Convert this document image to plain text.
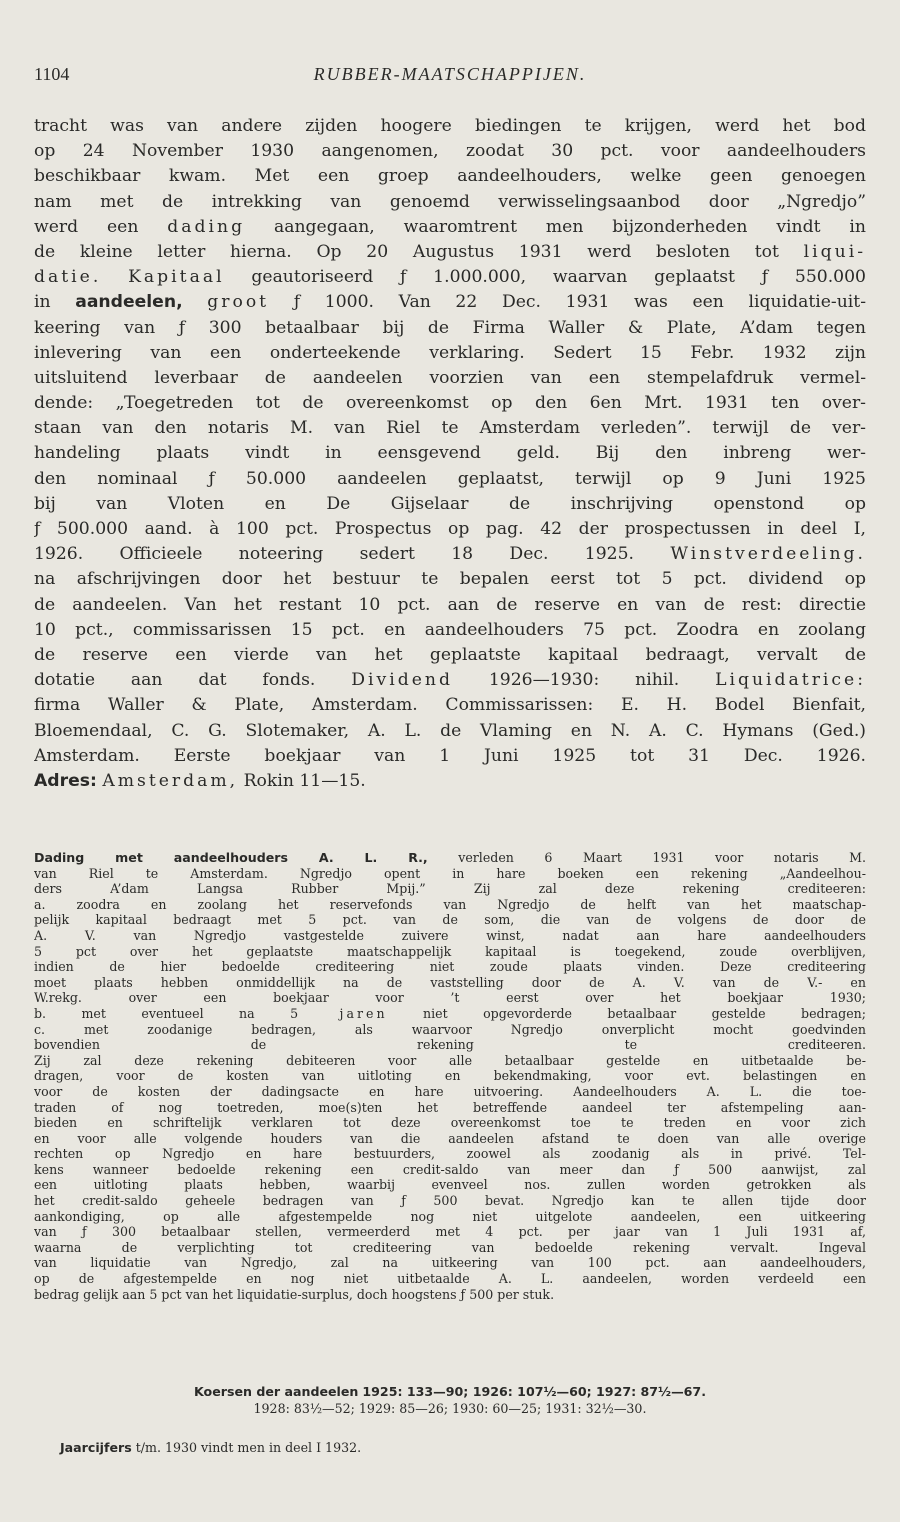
1104	RUBBER-MAATSCHAPPIJEN.
tracht was van andere zijden hoogere biedingen te krijgen, werd het bod
op 24 November 1930 aangenomen, zoodat 30 pct. voor aandeelhouders
beschikbaar kwam. Met een groep aandeelhouders, welke geen genoegen
nam met de intrekking van genoemd verwisselingsaanbod door „Ngredjo”
werd een dading aangegaan, waaromtrent men bijzonderheden vindt in
de kleine letter hierna. Op 20 Augustus 1931 werd besloten tot liqui-
datie. Kapitaal geautoriseerd ƒ 1.000.000, waarvan geplaatst ƒ 550.000
in aandeelen, groot ƒ 1000. Van 22 Dec. 1931 was een liquidatie-uit-
keering van ƒ 300 betaalbaar bij de Firma Waller & Plate, A’dam tegen
inlevering van een onderteekende verklaring. Sedert 15 Febr. 1932 zijn
uitsluitend leverbaar de aandeelen voorzien van een stempelafdruk vermel-
dende: „Toegetreden tot de overeenkomst op den 6en Mrt. 1931 ten over-
staan van den notaris M. van Riel te Amsterdam verleden”. terwijl de ver-
handeling plaats vindt in eensgevend geld. Bij den inbreng wer-
den nominaal ƒ 50.000 aandeelen geplaatst, terwijl op 9 Juni 1925
bij van Vloten en De Gijselaar de inschrijving openstond op
ƒ 500.000 aand. à 100 pct. Prospectus op pag. 42 der prospectussen in deel I,
1926. Officieele noteering sedert 18 Dec. 1925. Winstverdeeling.
na afschrijvingen door het bestuur te bepalen eerst tot 5 pct. dividend op
de aandeelen. Van het restant 10 pct. aan de reserve en van de rest: directie
10 pct., commissarissen 15 pct. en aandeelhouders 75 pct. Zoodra en zoolang
de reserve een vierde van het geplaatste kapitaal bedraagt, vervalt de
dotatie aan dat fonds. Dividend 1926—1930: nihil. Liquidatrice:
firma Waller & Plate, Amsterdam. Commissarissen: E. H. Bodel Bienfait,
Bloemendaal, C. G. Slotemaker, A. L. de Vlaming en N. A. C. Hymans (Ged.)
Amsterdam. Eerste boekjaar van 1 Juni 1925 tot 31 Dec. 1926.
Adres: Amsterdam, Rokin 11—15.
Dading met aandeelhouders A. L. R., verleden 6 Maart 1931 voor notaris M.
van Riel te Amsterdam. Ngredjo opent in hare boeken een rekening „Aandeelhou-
ders A’dam Langsa Rubber Mpij.” Zij zal deze rekening crediteeren:
a. zoodra en zoolang het reservefonds van Ngredjo de helft van het maatschap-
pelijk kapitaal bedraagt met 5 pct. van de som, die van de volgens de door de
A. V. van Ngredjo vastgestelde zuivere winst, nadat aan hare aandeelhouders
5 pct over het geplaatste maatschappelijk kapitaal is toegekend, zoude overblijven,
indien de hier bedoelde crediteering niet zoude plaats vinden. Deze crediteering
moet plaats hebben onmiddellijk na de vaststelling door de A. V. van de V.- en
W.rekg. over een boekjaar voor ’t eerst over het boekjaar 1930;
b. met eventueel na 5 jaren niet opgevorderde betaalbaar gestelde bedragen;
c. met zoodanige bedragen, als waarvoor Ngredjo onverplicht mocht goedvinden
bovendien de rekening te crediteeren.
Zij zal deze rekening debiteeren voor alle betaalbaar gestelde en uitbetaalde be-
dragen, voor de kosten van uitloting en bekendmaking, voor evt. belastingen en
voor de kosten der dadingsacte en hare uitvoering. Aandeelhouders A. L. die toe-
traden of nog toetreden, moe(s)ten het betreffende aandeel ter afstempeling aan-
bieden en schriftelijk verklaren tot deze overeenkomst toe te treden en voor zich
en voor alle volgende houders van die aandeelen afstand te doen van alle overige
rechten op Ngredjo en hare bestuurders, zoowel als zoodanig als in privé. Tel-
kens wanneer bedoelde rekening een credit-saldo van meer dan ƒ 500 aanwijst, zal
een uitloting plaats hebben, waarbij evenveel nos. zullen worden getrokken als
het credit-saldo geheele bedragen van ƒ 500 bevat. Ngredjo kan te allen tijde door
aankondiging, op alle afgestempelde nog niet uitgelote aandeelen, een uitkeering
van ƒ 300 betaalbaar stellen, vermeerderd met 4 pct. per jaar van 1 Juli 1931 af,
waarna de verplichting tot crediteering van bedoelde rekening vervalt. Ingeval
van liquidatie van Ngredjo, zal na uitkeering van 100 pct. aan aandeelhouders,
op de afgestempelde en nog niet uitbetaalde A. L. aandeelen, worden verdeeld een
bedrag gelijk aan 5 pct van het liquidatie-surplus, doch hoogstens ƒ 500 per stuk.
Koersen der aandeelen 1925: 133—90; 1926: 107½—60; 1927: 87½—67.
1928: 83½—52; 1929: 85—26; 1930: 60—25; 1931: 32½—30.
Jaarcijfers t/m. 1930 vindt men in deel I 1932.
